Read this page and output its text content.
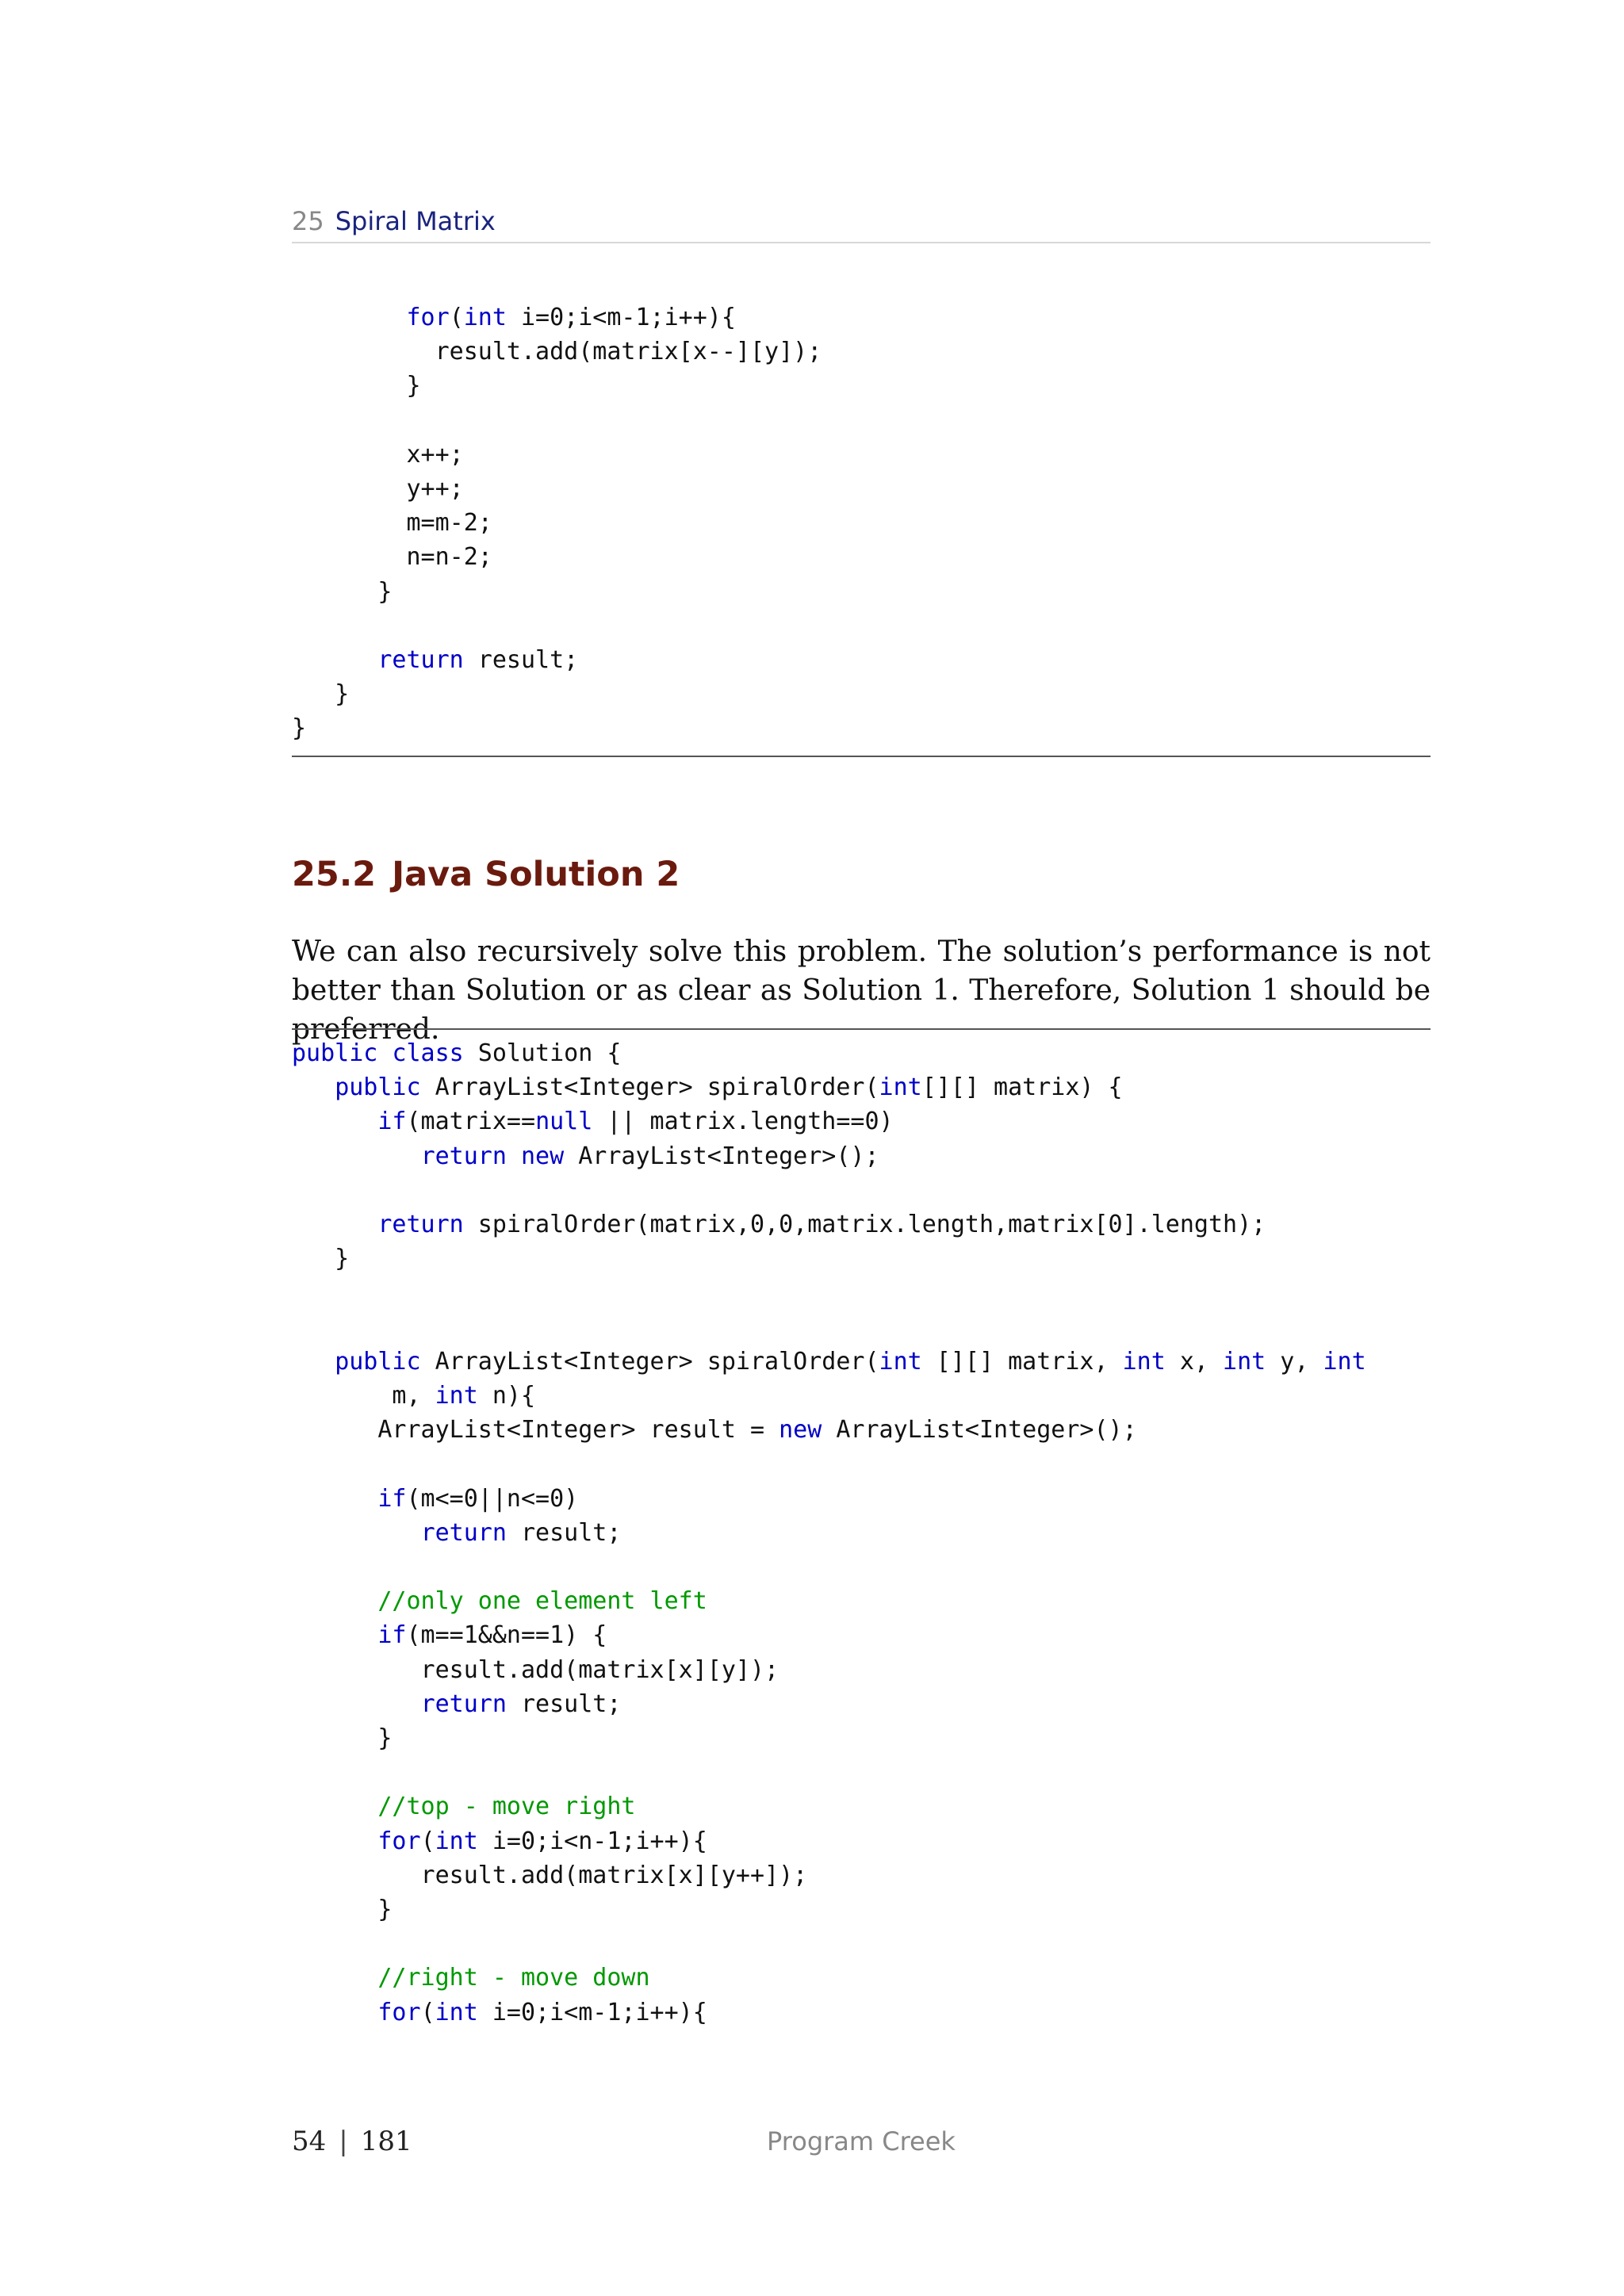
25 Spiral Matrix
for(int i=0;i<m-1;i++){
result.add(matrix[x--][y]);
}

x++;
y++;
m=m-2;
n=n-2;
}

return result;
}
}
25.2 Java Solution 2

We can also recursively solve this problem. The solution’s performance is not better than Solution or as clear as Solution 1. Therefore, Solution 1 should be preferred.

public class Solution {
public ArrayList<Integer> spiralOrder(int[][] matrix) {
if(matrix==null || matrix.length==0)
return new ArrayList<Integer>();

return spiralOrder(matrix,0,0,matrix.length,matrix[0].length);
}

public ArrayList<Integer> spiralOrder(int [][] matrix, int x, int y, int
m, int n){
ArrayList<Integer> result = new ArrayList<Integer>();

if(m<=0||n<=0)
return result;

//only one element left
if(m==1&&n==1) {
result.add(matrix[x][y]);
return result;
}

//top - move right
for(int i=0;i<n-1;i++){
result.add(matrix[x][y++]);
}

//right - move down
for(int i=0;i<m-1;i++){
54 | 181	Program Creek
